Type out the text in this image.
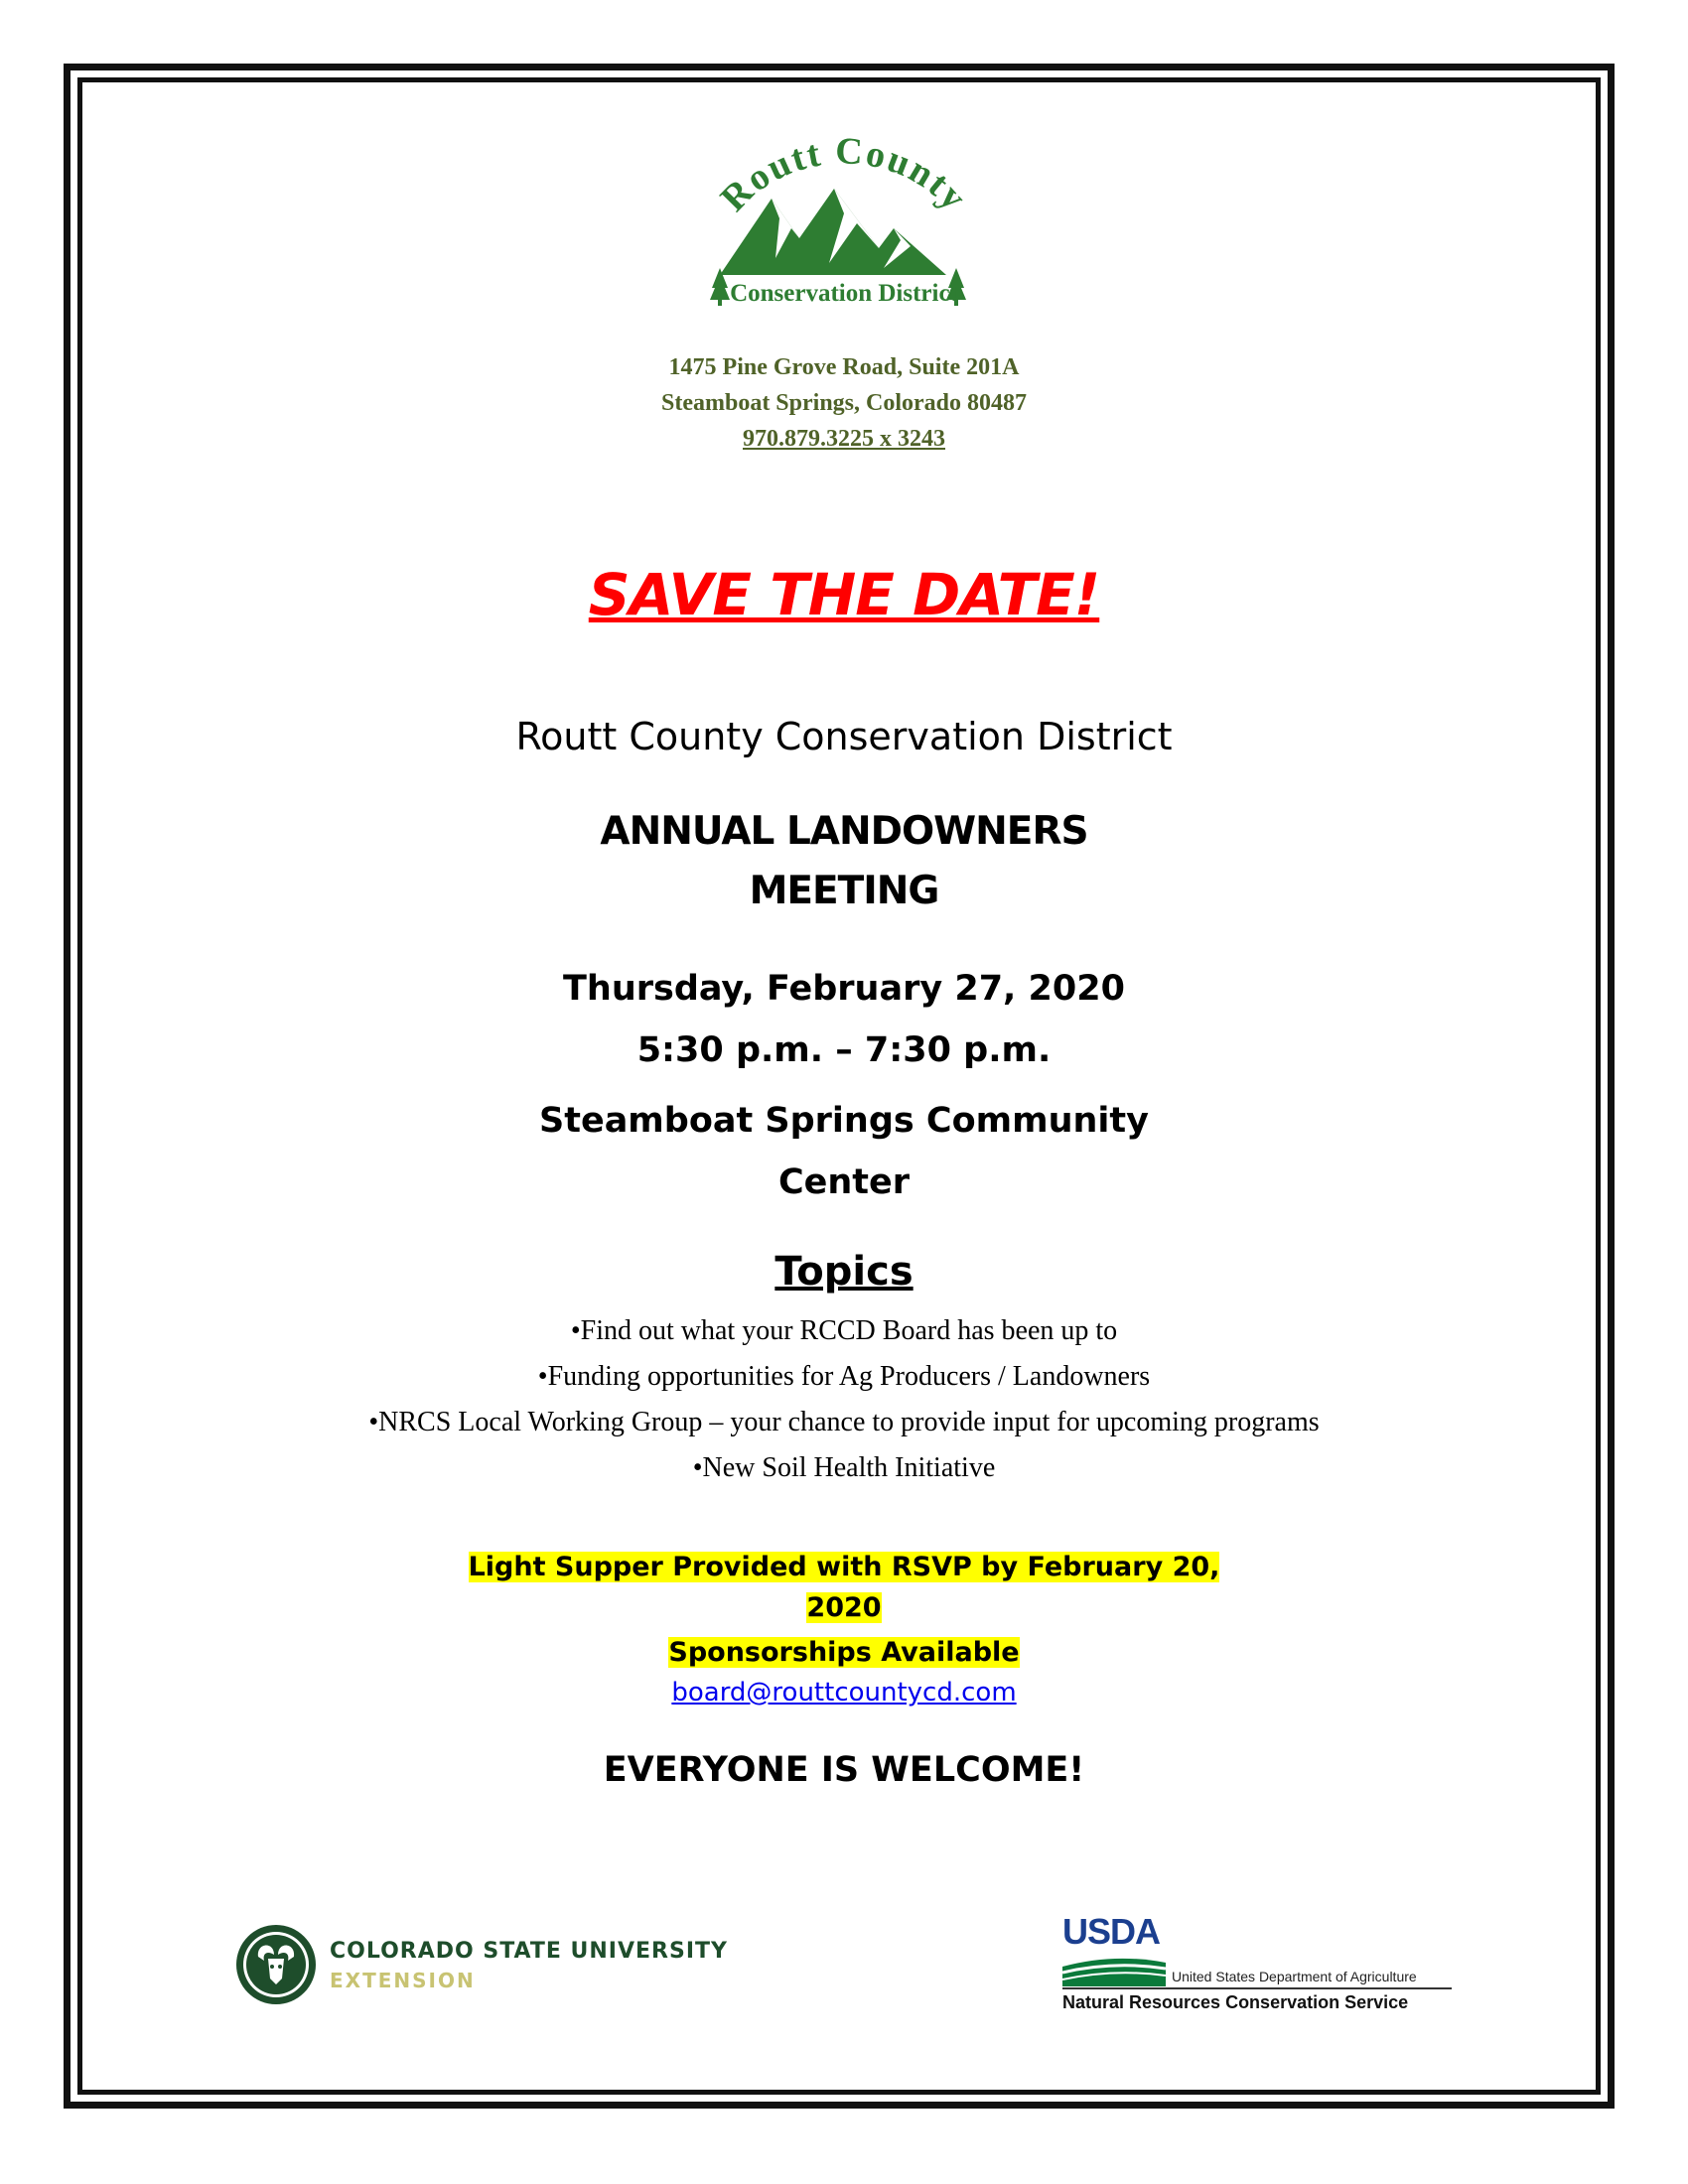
Routt County
Conservation District
1475 Pine Grove Road, Suite 201A
Steamboat Springs, Colorado 80487
970.879.3225 x 3243
SAVE THE DATE!
Routt County Conservation District
ANNUAL LANDOWNERS
MEETING
Thursday, February 27, 2020
5:30 p.m. – 7:30 p.m.
Steamboat Springs Community
Center
Topics
•Find out what your RCCD Board has been up to
•Funding opportunities for Ag Producers / Landowners
•NRCS Local Working Group – your chance to provide input for upcoming programs
•New Soil Health Initiative
Light Supper Provided with RSVP by February 20,
2020
Sponsorships Available
board@routtcountycd.com
EVERYONE IS WELCOME!
COLORADO STATE UNIVERSITY
EXTENSION
USDA
United States Department of Agriculture
Natural Resources Conservation Service
